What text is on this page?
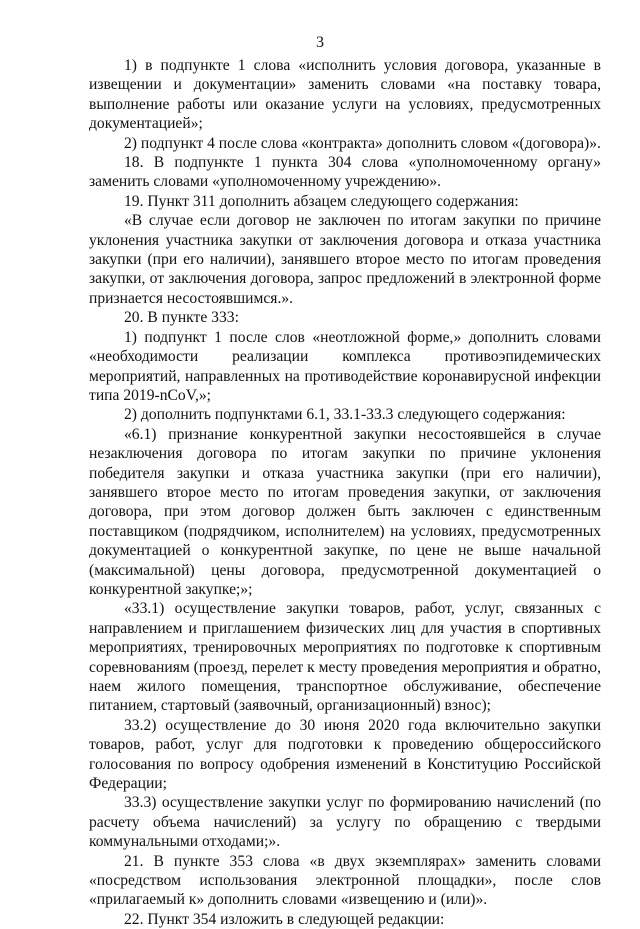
3

1) в подпункте 1 слова «исполнить условия договора, указанные в извещении и документации» заменить словами «на поставку товара, выполнение работы или оказание услуги на условиях, предусмотренных документацией»;

2) подпункт 4 после слова «контракта» дополнить словом «(договора)».

18. В подпункте 1 пункта 304 слова «уполномоченному органу» заменить словами «уполномоченному учреждению».

19. Пункт 311 дополнить абзацем следующего содержания:

«В случае если договор не заключен по итогам закупки по причине уклонения участника закупки от заключения договора и отказа участника закупки (при его наличии), занявшего второе место по итогам проведения закупки, от заключения договора, запрос предложений в электронной форме признается несостоявшимся.».

20. В пункте 333:

1) подпункт 1 после слов «неотложной форме,» дополнить словами «необходимости реализации комплекса противоэпидемических мероприятий, направленных на противодействие коронавирусной инфекции типа 2019-nCoV,»;

2) дополнить подпунктами 6.1, 33.1-33.3 следующего содержания:

«6.1) признание конкурентной закупки несостоявшейся в случае незаключения договора по итогам закупки по причине уклонения победителя закупки и отказа участника закупки (при его наличии), занявшего второе место по итогам проведения закупки, от заключения договора, при этом договор должен быть заключен с единственным поставщиком (подрядчиком, исполнителем) на условиях, предусмотренных документацией о конкурентной закупке, по цене не выше начальной (максимальной) цены договора, предусмотренной документацией о конкурентной закупке;»;

«33.1) осуществление закупки товаров, работ, услуг, связанных с направлением и приглашением физических лиц для участия в спортивных мероприятиях, тренировочных мероприятиях по подготовке к спортивным соревнованиям (проезд, перелет к месту проведения мероприятия и обратно, наем жилого помещения, транспортное обслуживание, обеспечение питанием, стартовый (заявочный, организационный) взнос);

33.2) осуществление до 30 июня 2020 года включительно закупки товаров, работ, услуг для подготовки к проведению общероссийского голосования по вопросу одобрения изменений в Конституцию Российской Федерации;

33.3) осуществление закупки услуг по формированию начислений (по расчету объема начислений) за услугу по обращению с твердыми коммунальными отходами;».

21. В пункте 353 слова «в двух экземплярах» заменить словами «посредством использования электронной площадки», после слов «прилагаемый к» дополнить словами «извещению и (или)».

22. Пункт 354 изложить в следующей редакции:
